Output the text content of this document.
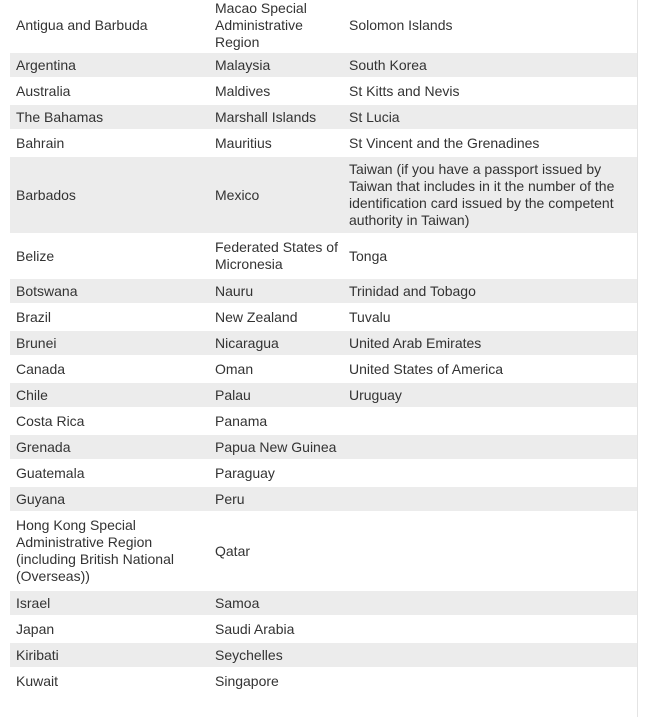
Antigua and Barbuda	Macao Special Administrative Region	Solomon Islands
Argentina	Malaysia	South Korea
Australia	Maldives	St Kitts and Nevis
The Bahamas	Marshall Islands	St Lucia
Bahrain	Mauritius	St Vincent and the Grenadines
Barbados	Mexico	Taiwan (if you have a passport issued by Taiwan that includes in it the number of the identification card issued by the competent authority in Taiwan)
Belize	Federated States of Micronesia	Tonga
Botswana	Nauru	Trinidad and Tobago
Brazil	New Zealand	Tuvalu
Brunei	Nicaragua	United Arab Emirates
Canada	Oman	United States of America
Chile	Palau	Uruguay
Costa Rica	Panama	
Grenada	Papua New Guinea	
Guatemala	Paraguay	
Guyana	Peru	
Hong Kong Special Administrative Region (including British National (Overseas))	Qatar	
Israel	Samoa	
Japan	Saudi Arabia	
Kiribati	Seychelles	
Kuwait	Singapore	
